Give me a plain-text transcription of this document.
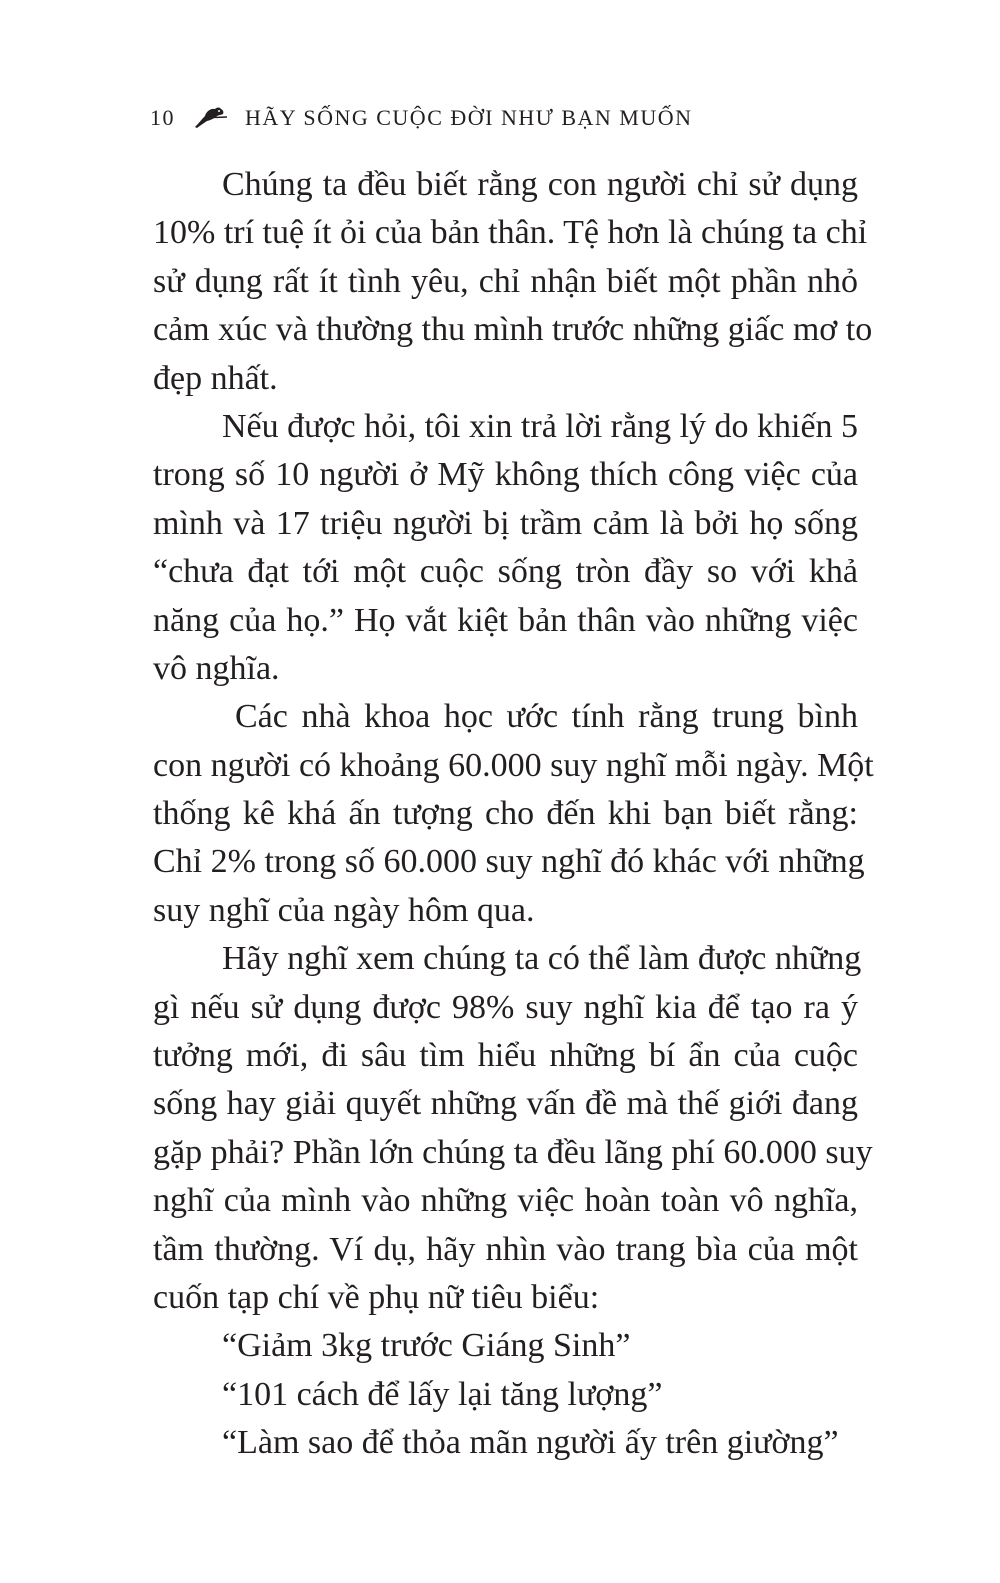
10	HÃY SỐNG CUỘC ĐỜI NHƯ BẠN MUỐN
Chúng ta đều biết rằng con người chỉ sử dụng
10% trí tuệ ít ỏi của bản thân. Tệ hơn là chúng ta chỉ
sử dụng rất ít tình yêu, chỉ nhận biết một phần nhỏ
cảm xúc và thường thu mình trước những giấc mơ to
đẹp nhất.
Nếu được hỏi, tôi xin trả lời rằng lý do khiến 5
trong số 10 người ở Mỹ không thích công việc của
mình và 17 triệu người bị trầm cảm là bởi họ sống
“chưa đạt tới một cuộc sống tròn đầy so với khả
năng của họ.” Họ vắt kiệt bản thân vào những việc
vô nghĩa.
Các nhà khoa học ước tính rằng trung bình
con người có khoảng 60.000 suy nghĩ mỗi ngày. Một
thống kê khá ấn tượng cho đến khi bạn biết rằng:
Chỉ 2% trong số 60.000 suy nghĩ đó khác với những
suy nghĩ của ngày hôm qua.
Hãy nghĩ xem chúng ta có thể làm được những
gì nếu sử dụng được 98% suy nghĩ kia để tạo ra ý
tưởng mới, đi sâu tìm hiểu những bí ẩn của cuộc
sống hay giải quyết những vấn đề mà thế giới đang
gặp phải? Phần lớn chúng ta đều lãng phí 60.000 suy
nghĩ của mình vào những việc hoàn toàn vô nghĩa,
tầm thường. Ví dụ, hãy nhìn vào trang bìa của một
cuốn tạp chí về phụ nữ tiêu biểu:
“Giảm 3kg trước Giáng Sinh”
“101 cách để lấy lại tăng lượng”
“Làm sao để thỏa mãn người ấy trên giường”
